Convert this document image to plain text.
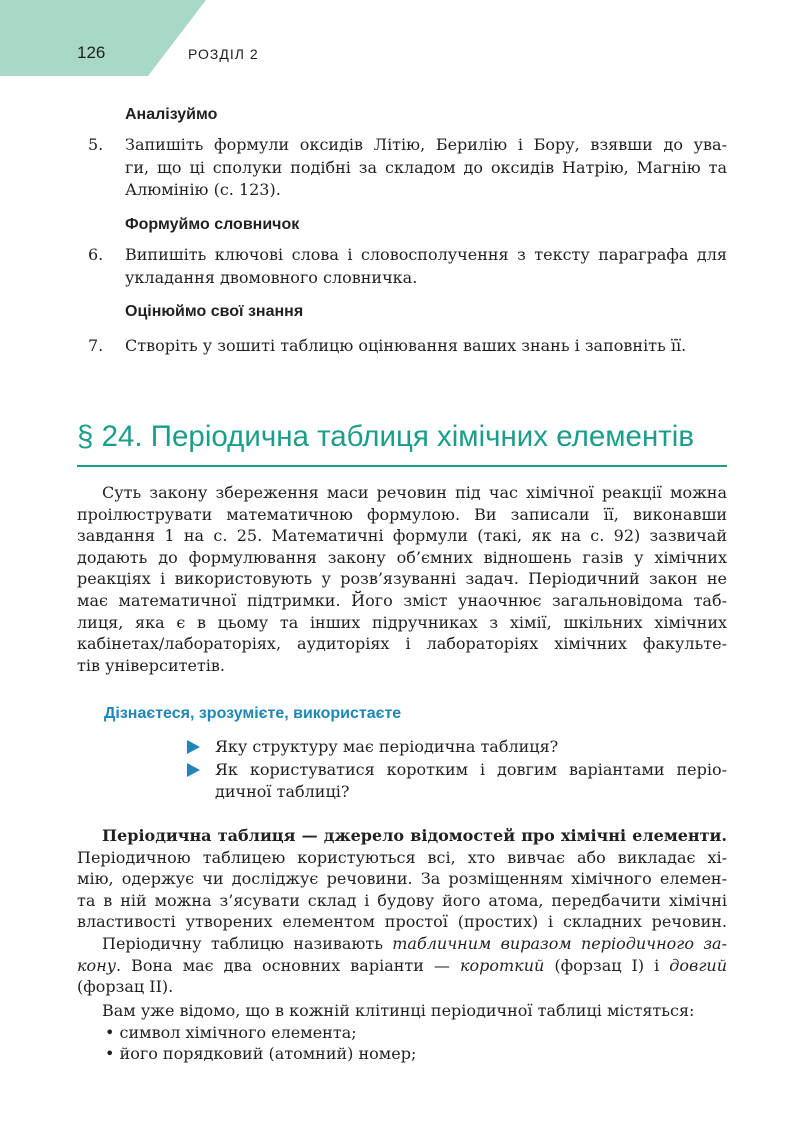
126	РОЗДІЛ 2
Аналізуймо
5. Запишіть формули оксидів Літію, Берилію і Бору, взявши до ува-
ги, що ці сполуки подібні за складом до оксидів Натрію, Магнію та
Алюмінію (с. 123).
Формуймо словничок
6. Випишіть ключові слова і словосполучення з тексту параграфа для
укладання двомовного словничка.
Оцінюймо свої знання
7. Створіть у зошиті таблицю оцінювання ваших знань і заповніть її.
§ 24. Періодична таблиця хімічних елементів
Суть закону збереження маси речовин під час хімічної реакції можна
проілюструвати математичною формулою. Ви записали її, виконавши
завдання 1 на с. 25. Математичні формули (такі, як на с. 92) зазвичай
додають до формулювання закону об’ємних відношень газів у хімічних
реакціях і використовують у розв’язуванні задач. Періодичний закон не
має математичної підтримки. Його зміст унаочнює загальновідома таб-
лиця, яка є в цьому та інших підручниках з хімії, шкільних хімічних
кабінетах/лабораторіях, аудиторіях і лабораторіях хімічних факульте-
тів університетів.
Дізнаєтеся, зрозумієте, використаєте
Яку структуру має періодична таблиця?
Як користуватися коротким і довгим варіантами періо-
дичної таблиці?
Періодична таблиця — джерело відомостей про хімічні елементи.
Періодичною таблицею користуються всі, хто вивчає або викладає хі-
мію, одержує чи досліджує речовини. За розміщенням хімічного елемен-
та в ній можна з’ясувати склад і будову його атома, передбачити хімічні
властивості утворених елементом простої (простих) і складних речовин.
Періодичну таблицю називають табличним виразом періодичного за-
кону. Вона має два основних варіанти — короткий (форзац I) і довгий
(форзац II).
Вам уже відомо, що в кожній клітинці періодичної таблиці містяться:
• символ хімічного елемента;
• його порядковий (атомний) номер;
